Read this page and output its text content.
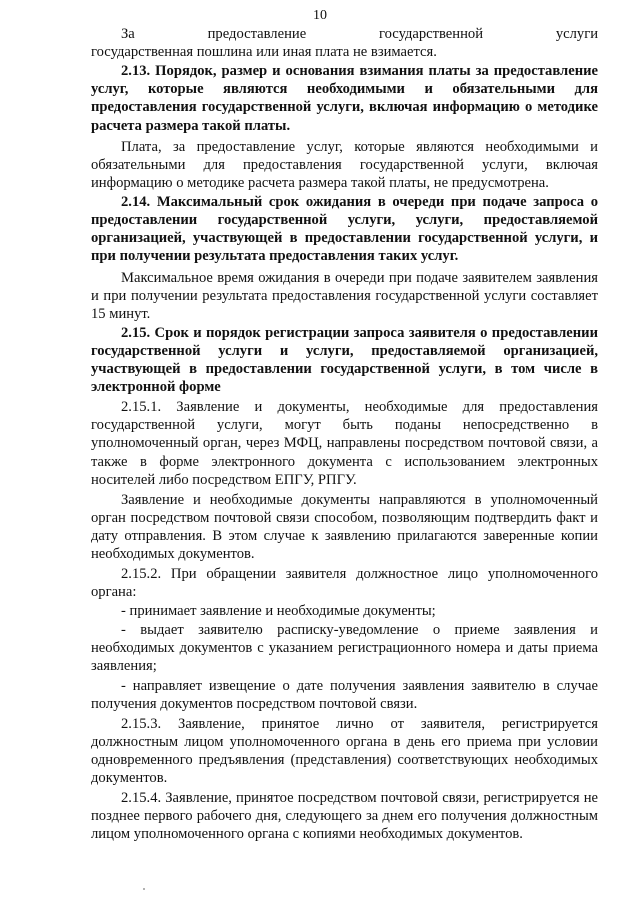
10

За предоставление государственной услуги

государственная пошлина или иная плата не взимается.

2.13. Порядок, размер и основания взимания платы за предоставление услуг, которые являются необходимыми и обязательными для предоставления государственной услуги, включая информацию о методике расчета размера такой платы.

Плата, за предоставление услуг, которые являются необходимыми и обязательными для предоставления государственной услуги, включая информацию о методике расчета размера такой платы, не предусмотрена.

2.14. Максимальный срок ожидания в очереди при подаче запроса о предоставлении государственной услуги, услуги, предоставляемой организацией, участвующей в предоставлении государственной услуги, и при получении результата предоставления таких услуг.

Максимальное время ожидания в очереди при подаче заявителем заявления и при получении результата предоставления государственной услуги составляет 15 минут.

2.15. Срок и порядок регистрации запроса заявителя о предоставлении государственной услуги и услуги, предоставляемой организацией, участвующей в предоставлении государственной услуги, в том числе в электронной форме

2.15.1. Заявление и документы, необходимые для предоставления государственной услуги, могут быть поданы непосредственно в уполномоченный орган, через МФЦ, направлены посредством почтовой связи, а также в форме электронного документа с использованием электронных носителей либо посредством ЕПГУ, РПГУ.

Заявление и необходимые документы направляются в уполномоченный орган посредством почтовой связи способом, позволяющим подтвердить факт и дату отправления. В этом случае к заявлению прилагаются заверенные копии необходимых документов.

2.15.2. При обращении заявителя должностное лицо уполномоченного органа:

- принимает заявление и необходимые документы;

- выдает заявителю расписку-уведомление о приеме заявления и необходимых документов с указанием регистрационного номера и даты приема заявления;

- направляет извещение о дате получения заявления заявителю в случае получения документов посредством почтовой связи.

2.15.3. Заявление, принятое лично от заявителя, регистрируется должностным лицом уполномоченного органа в день его приема при условии одновременного предъявления (представления) соответствующих необходимых документов.

2.15.4. Заявление, принятое посредством почтовой связи, регистрируется не позднее первого рабочего дня, следующего за днем его получения должностным лицом уполномоченного органа с копиями необходимых документов.
